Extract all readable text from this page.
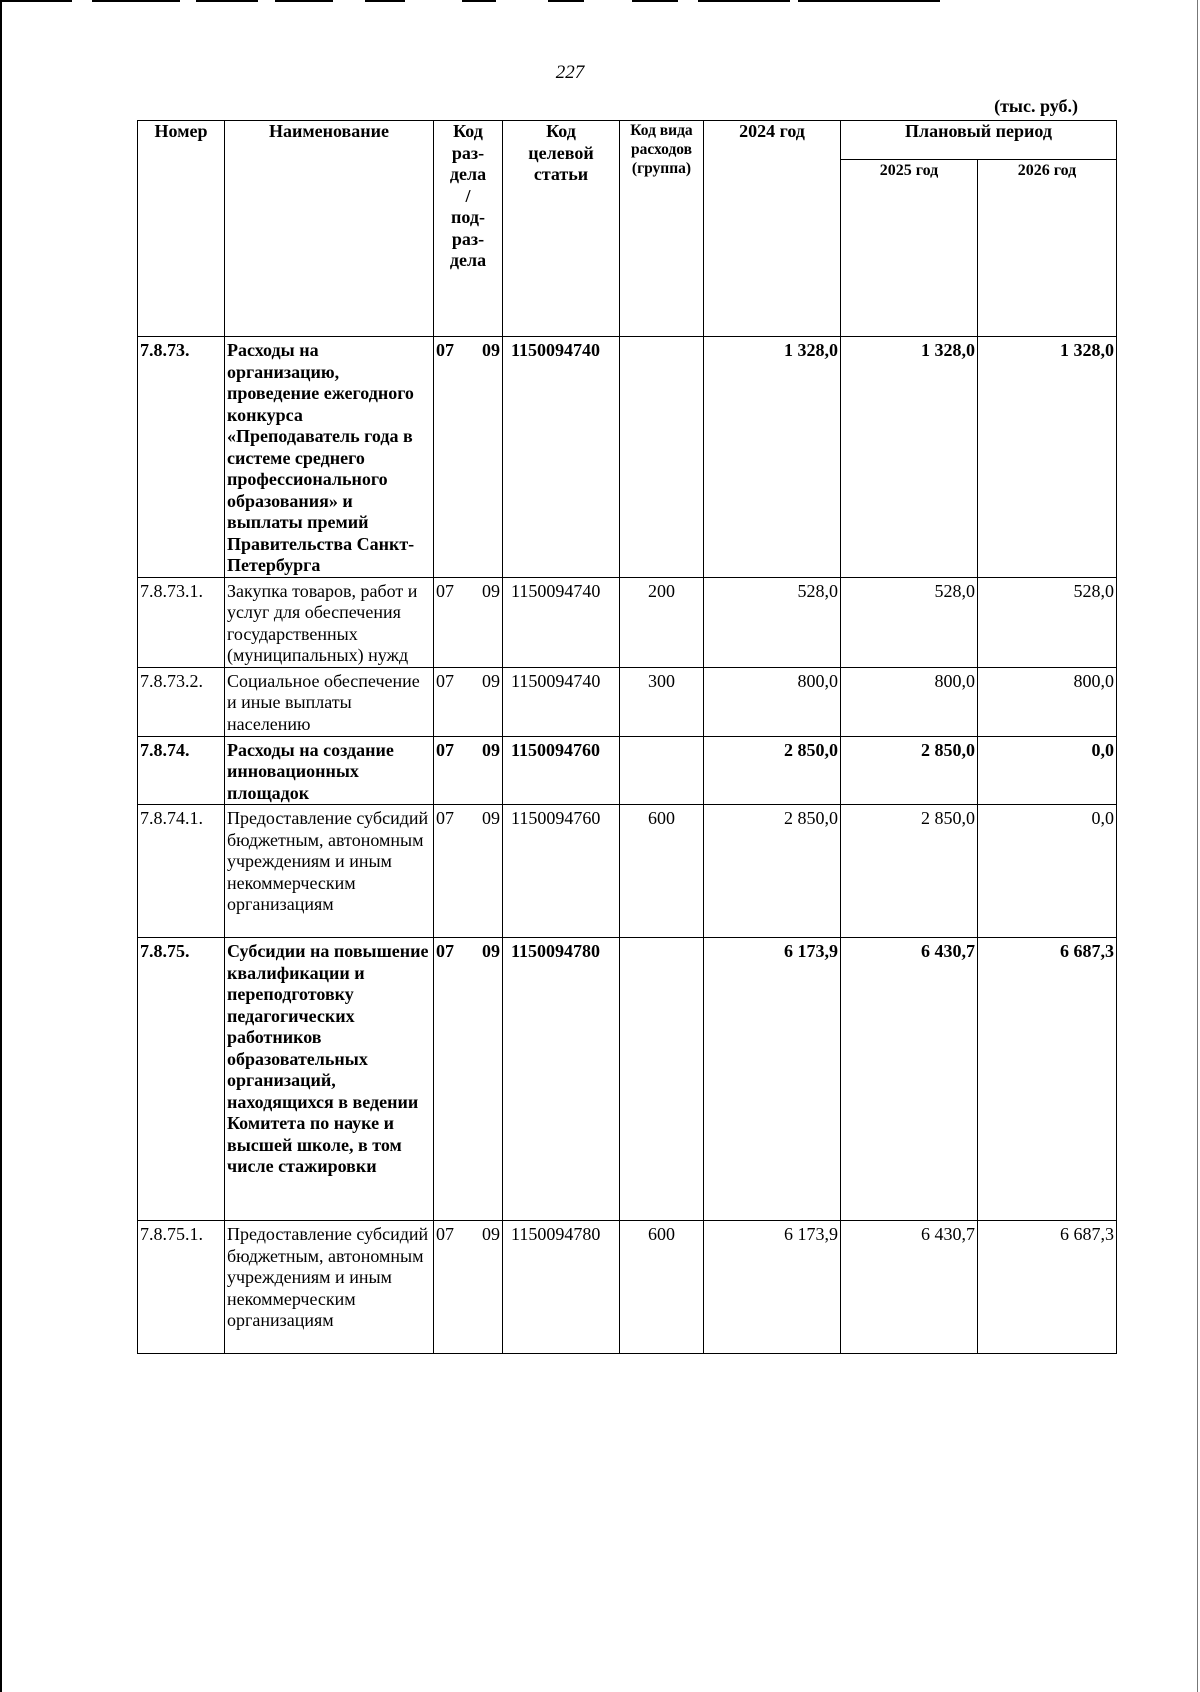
227
(тыс. руб.)
Номер	Наименование	Код раз- дела/ под- раз- дела	Код целевой статьи	Код вида расходов (группа)	2024 год	Плановый период	
						2025 год	2026 год
7.8.73.	Расходы на организацию, проведение ежегодного конкурса «Преподаватель года в системе среднего профессионального образования» и выплаты премий Правительства Санкт-Петербурга	07 09	1150094740		1 328,0	1 328,0	1 328,0
7.8.73.1.	Закупка товаров, работ и услуг для обеспечения государственных (муниципальных) нужд	07 09	1150094740	200	528,0	528,0	528,0
7.8.73.2.	Социальное обеспечение и иные выплаты населению	07 09	1150094740	300	800,0	800,0	800,0
7.8.74.	Расходы на создание инновационных площадок	07 09	1150094760		2 850,0	2 850,0	0,0
7.8.74.1.	Предоставление субсидий бюджетным, автономным учреждениям и иным некоммерческим организациям	07 09	1150094760	600	2 850,0	2 850,0	0,0
7.8.75.	Субсидии на повышение квалификации и переподготовку педагогических работников образовательных организаций, находящихся в ведении Комитета по науке и высшей школе, в том числе стажировки	07 09	1150094780		6 173,9	6 430,7	6 687,3
7.8.75.1.	Предоставление субсидий бюджетным, автономным учреждениям и иным некоммерческим организациям	07 09	1150094780	600	6 173,9	6 430,7	6 687,3
